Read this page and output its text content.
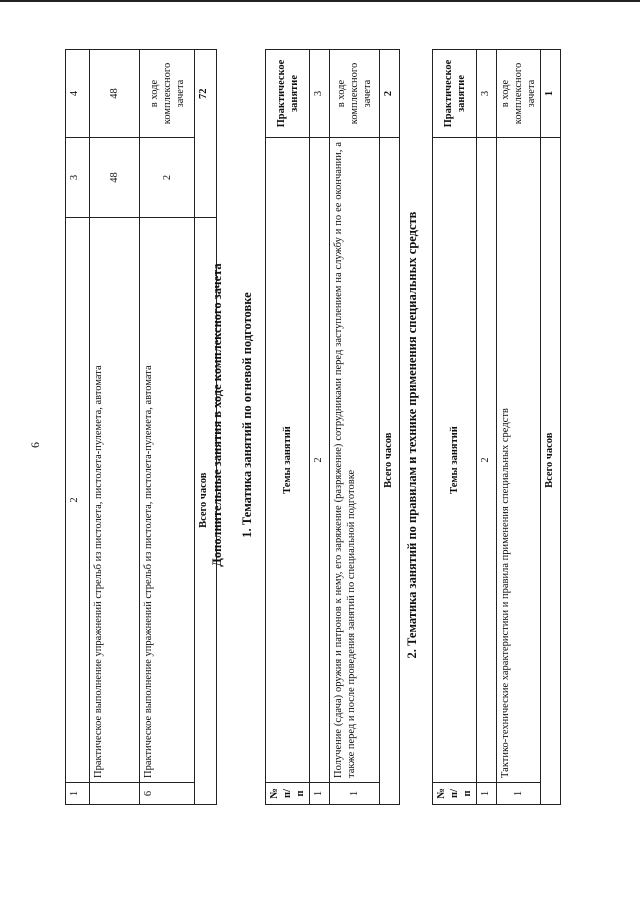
6
1	2	3	4
	Практическое выполнение упражнений стрельб из пистолета, пистолета-пулемета, автомата	48	48
6	Практическое выполнение упражнений стрельб из пистолета, пистолета-пулемета, автомата	2	в ходе комплексного зачета
	Всего часов		72
Дополнительные занятия в ходе комплексного зачета 1. Тематика занятий по огневой подготовке
№ п/п	Темы занятий	Практическое занятие
1	2	3
1	Получение (сдача) оружия и патронов к нему, его заряжение (разряжение) сотрудниками перед заступлением на службу и по ее окончании, а также перед и после проведения занятий по специальной подготовке	в ходе комплексного зачета
	Всего часов	2
2. Тематика занятий по правилам и технике применения специальных средств
№ п/п	Темы занятий	Практическое занятие
1	2	3
1	Тактико-технические характеристики и правила применения специальных средств	в ходе комплексного зачета
	Всего часов	1
